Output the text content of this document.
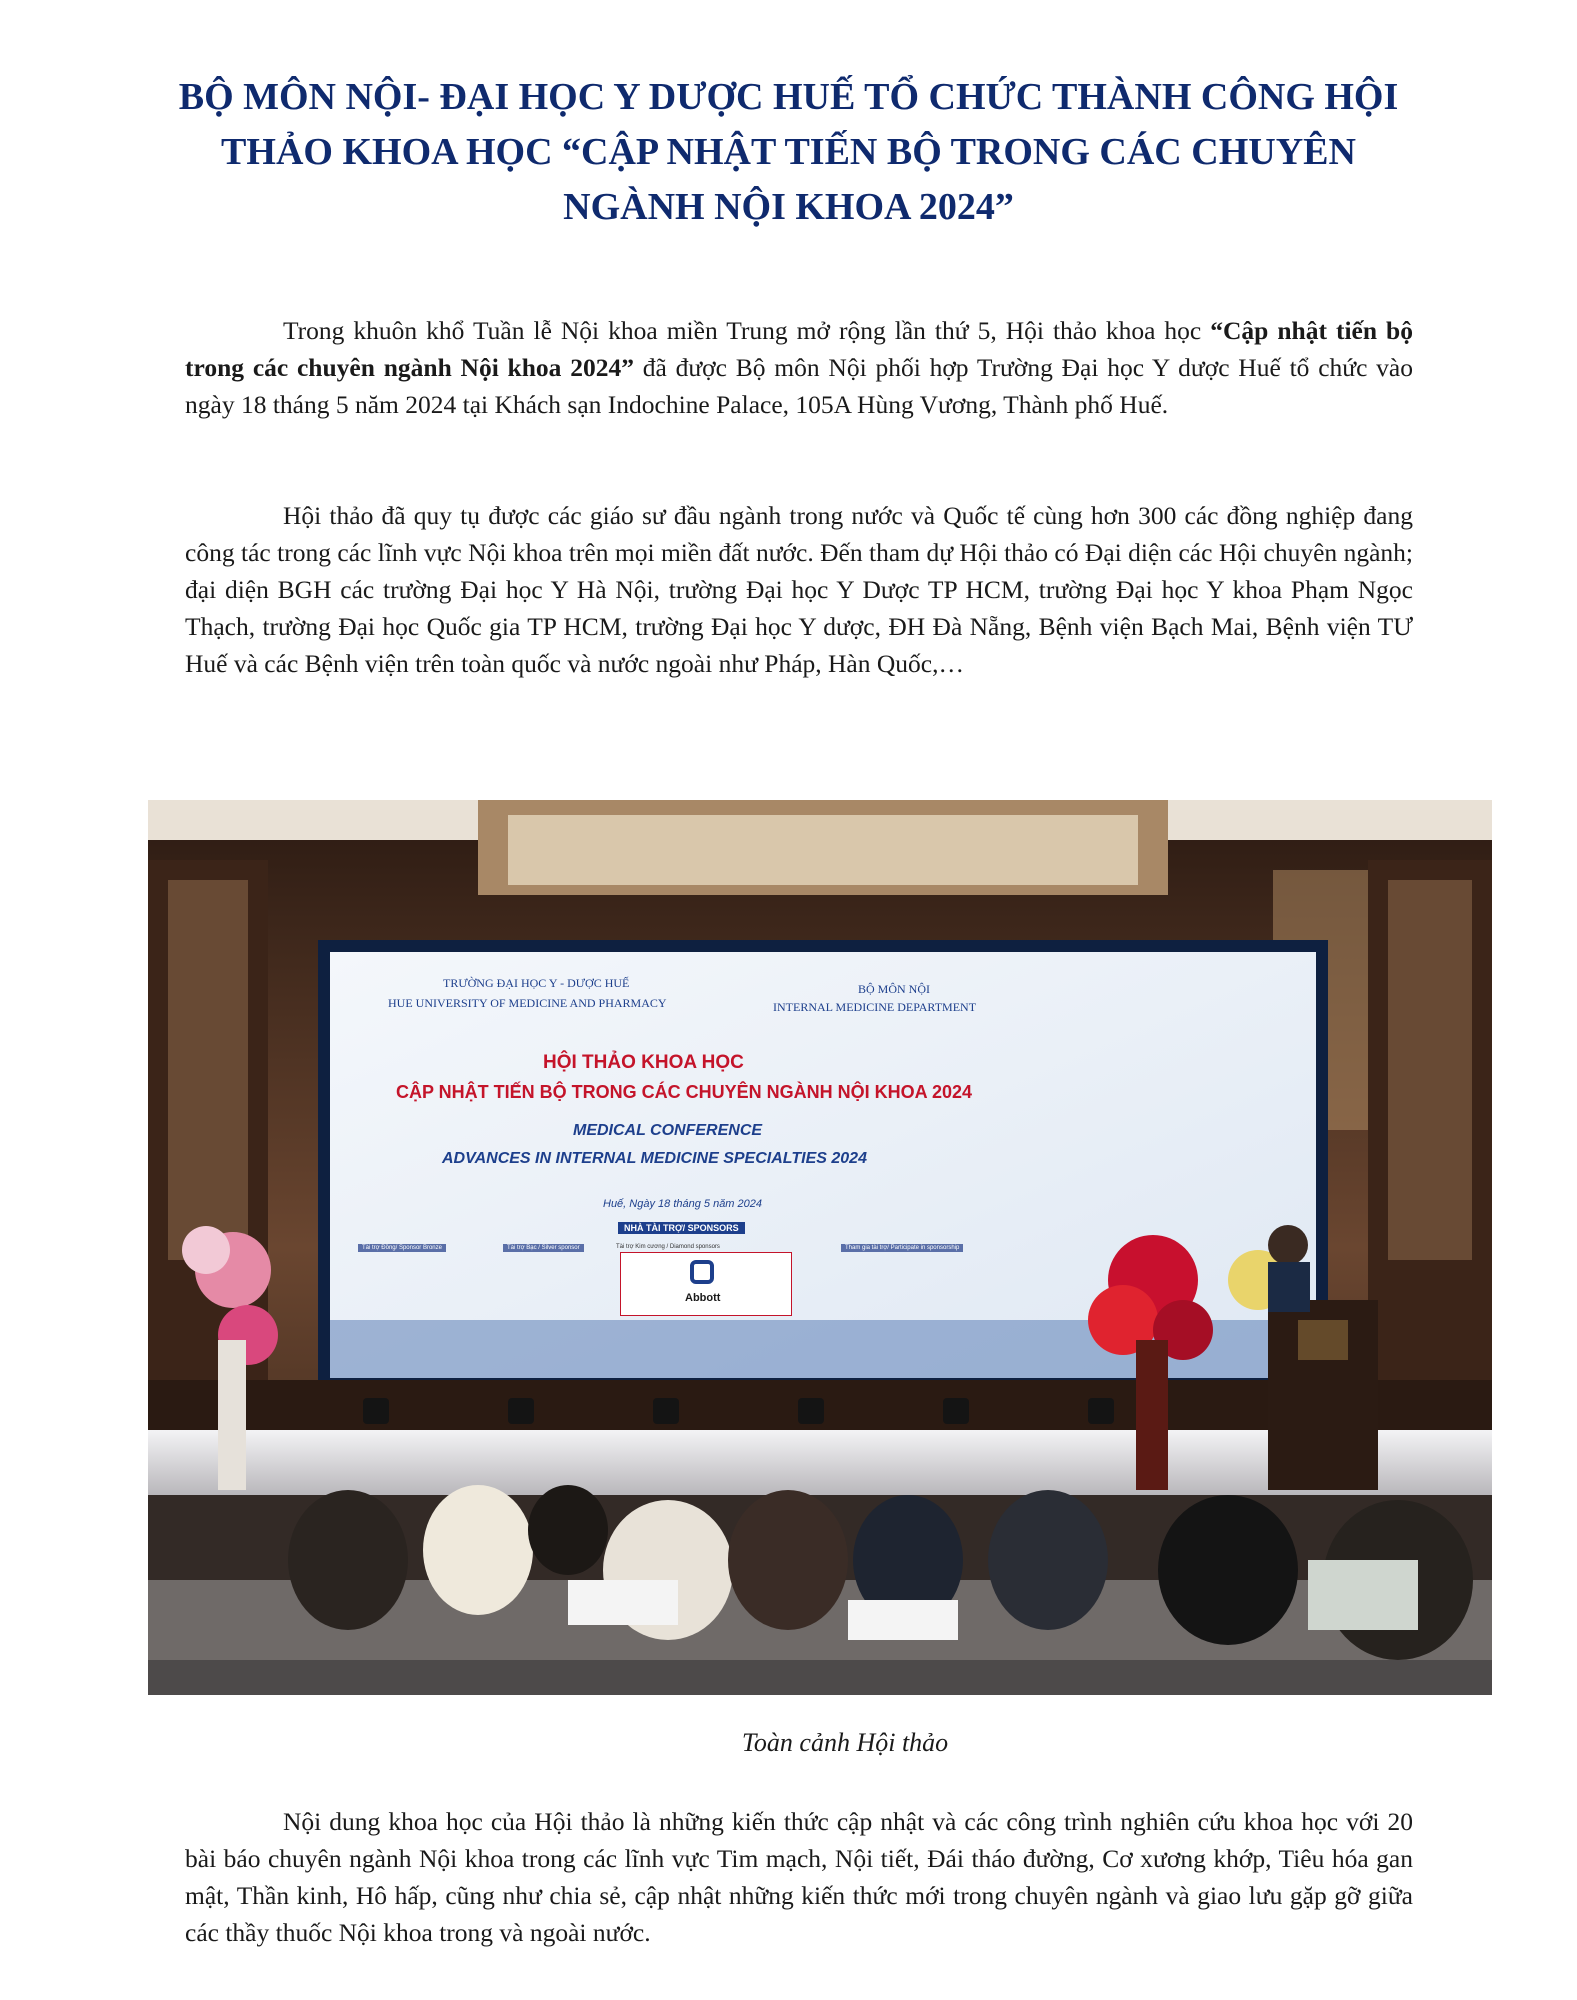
BỘ MÔN NỘI- ĐẠI HỌC Y DƯỢC HUẾ TỔ CHỨC THÀNH CÔNG HỘI
THẢO KHOA HỌC “CẬP NHẬT TIẾN BỘ TRONG CÁC CHUYÊN
NGÀNH NỘI KHOA 2024”

Trong khuôn khổ Tuần lễ Nội khoa miền Trung mở rộng lần thứ 5, Hội thảo khoa học “Cập nhật tiến bộ trong các chuyên ngành Nội khoa 2024” đã được Bộ môn Nội phối hợp Trường Đại học Y dược Huế tổ chức vào ngày 18 tháng 5 năm 2024 tại Khách sạn Indochine Palace, 105A Hùng Vương, Thành phố Huế.

Hội thảo đã quy tụ được các giáo sư đầu ngành trong nước và Quốc tế cùng hơn 300 các đồng nghiệp đang công tác trong các lĩnh vực Nội khoa trên mọi miền đất nước. Đến tham dự Hội thảo có Đại diện các Hội chuyên ngành; đại diện BGH các trường Đại học Y Hà Nội, trường Đại học Y Dược TP HCM, trường Đại học Y khoa Phạm Ngọc Thạch, trường Đại học Quốc gia TP HCM, trường Đại học Y dược, ĐH Đà Nẵng, Bệnh viện Bạch Mai, Bệnh viện TƯ Huế và các Bệnh viện trên toàn quốc và nước ngoài như Pháp, Hàn Quốc,…

TRƯỜNG ĐẠI HỌC Y - DƯỢC HUẾ
HUE UNIVERSITY OF MEDICINE AND PHARMACY
BỘ MÔN NỘI
INTERNAL MEDICINE DEPARTMENT
HỘI THẢO KHOA HỌC
CẬP NHẬT TIẾN BỘ TRONG CÁC CHUYÊN NGÀNH NỘI KHOA 2024
MEDICAL CONFERENCE
ADVANCES IN INTERNAL MEDICINE SPECIALTIES 2024
Huế, Ngày 18 tháng 5 năm 2024
NHÀ TÀI TRỢ/ SPONSORS
Tài trợ Đồng/ Sponsor Bronze	Tài trợ Bạc / Silver sponsor	Tài trợ Kim cương / Diamond sponsors	Tham gia tài trợ/ Participate in sponsorship
Abbott

Toàn cảnh Hội thảo

Nội dung khoa học của Hội thảo là những kiến thức cập nhật và các công trình nghiên cứu khoa học với 20 bài báo chuyên ngành Nội khoa trong các lĩnh vực Tim mạch, Nội tiết, Đái tháo đường, Cơ xương khớp, Tiêu hóa gan mật, Thần kinh, Hô hấp, cũng như chia sẻ, cập nhật những kiến thức mới trong chuyên ngành và giao lưu gặp gỡ giữa các thầy thuốc Nội khoa trong và ngoài nước.
